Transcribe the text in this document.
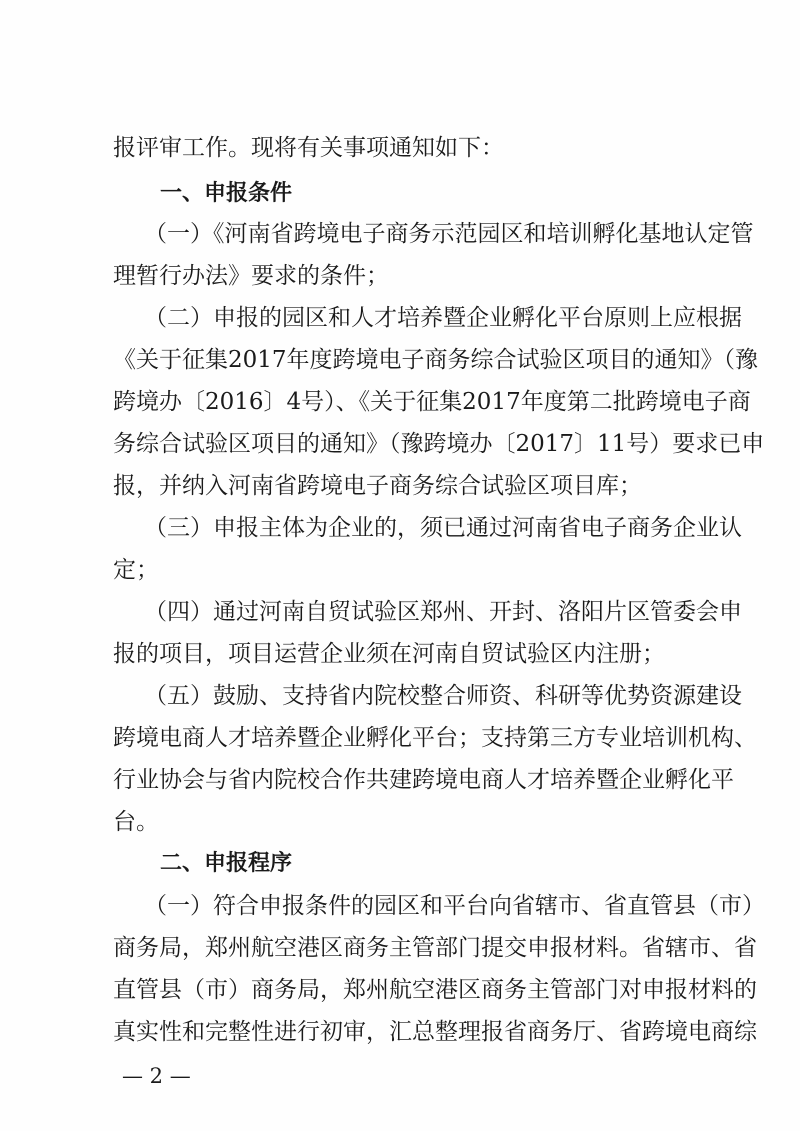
报评审工作。现将有关事项通知如下：
一、申报条件
（一）《河南省跨境电子商务示范园区和培训孵化基地认定管
理暂行办法》要求的条件；
（二）申报的园区和人才培养暨企业孵化平台原则上应根据
《关于征集2017年度跨境电子商务综合试验区项目的通知》（豫
跨境办〔2016〕4号）、《关于征集2017年度第二批跨境电子商
务综合试验区项目的通知》（豫跨境办〔2017〕11号）要求已申
报，并纳入河南省跨境电子商务综合试验区项目库；
（三）申报主体为企业的，须已通过河南省电子商务企业认
定；
（四）通过河南自贸试验区郑州、开封、洛阳片区管委会申
报的项目，项目运营企业须在河南自贸试验区内注册；
（五）鼓励、支持省内院校整合师资、科研等优势资源建设
跨境电商人才培养暨企业孵化平台；支持第三方专业培训机构、
行业协会与省内院校合作共建跨境电商人才培养暨企业孵化平
台。
二、申报程序
（一）符合申报条件的园区和平台向省辖市、省直管县（市）
商务局，郑州航空港区商务主管部门提交申报材料。省辖市、省
直管县（市）商务局，郑州航空港区商务主管部门对申报材料的
真实性和完整性进行初审，汇总整理报省商务厅、省跨境电商综
— 2 —
